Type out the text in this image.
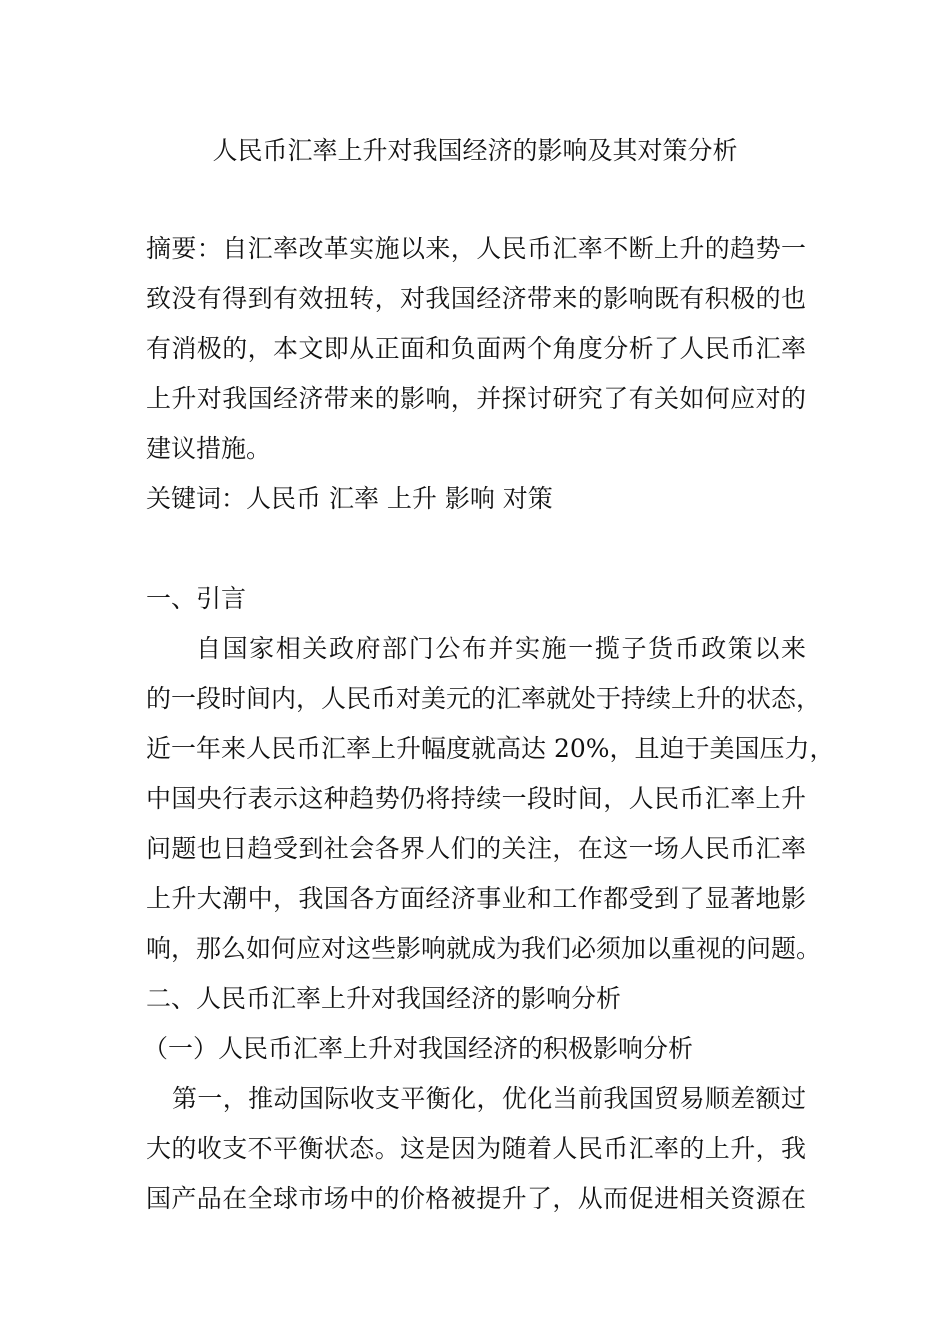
人民币汇率上升对我国经济的影响及其对策分析
摘要：自汇率改革实施以来，人民币汇率不断上升的趋势一
致没有得到有效扭转，对我国经济带来的影响既有积极的也
有消极的，本文即从正面和负面两个角度分析了人民币汇率
上升对我国经济带来的影响，并探讨研究了有关如何应对的
建议措施。
关键词：人民币 汇率 上升 影响 对策
一、引言
自国家相关政府部门公布并实施一揽子货币政策以来
的一段时间内，人民币对美元的汇率就处于持续上升的状态，
近一年来人民币汇率上升幅度就高达 20%，且迫于美国压力，
中国央行表示这种趋势仍将持续一段时间，人民币汇率上升
问题也日趋受到社会各界人们的关注，在这一场人民币汇率
上升大潮中，我国各方面经济事业和工作都受到了显著地影
响，那么如何应对这些影响就成为我们必须加以重视的问题。
二、人民币汇率上升对我国经济的影响分析
（一）人民币汇率上升对我国经济的积极影响分析
第一，推动国际收支平衡化，优化当前我国贸易顺差额过
大的收支不平衡状态。这是因为随着人民币汇率的上升，我
国产品在全球市场中的价格被提升了，从而促进相关资源在
